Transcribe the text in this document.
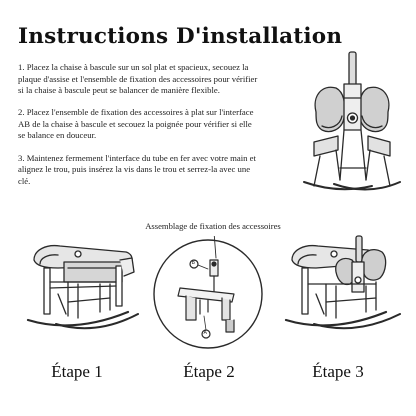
Instructions D'installation

1. Placez la chaise à bascule sur un sol plat et spacieux, secouez la plaque d'assise et l'ensemble de fixation des accessoires pour vérifier si la chaise à bascule peut se balancer de manière flexible.

2. Placez l'ensemble de fixation des accessoires à plat sur l'interface AB de la chaise à bascule et secouez la poignée pour vérifier si elle se balance en douceur.

3. Maintenez fermement l'interface du tube en fer avec votre main et alignez le trou, puis insérez la vis dans le trou et serrez-la avec une clé.

Assemblage de fixation des accessoires
A
B
Étape 1	Étape 2	Étape 3
